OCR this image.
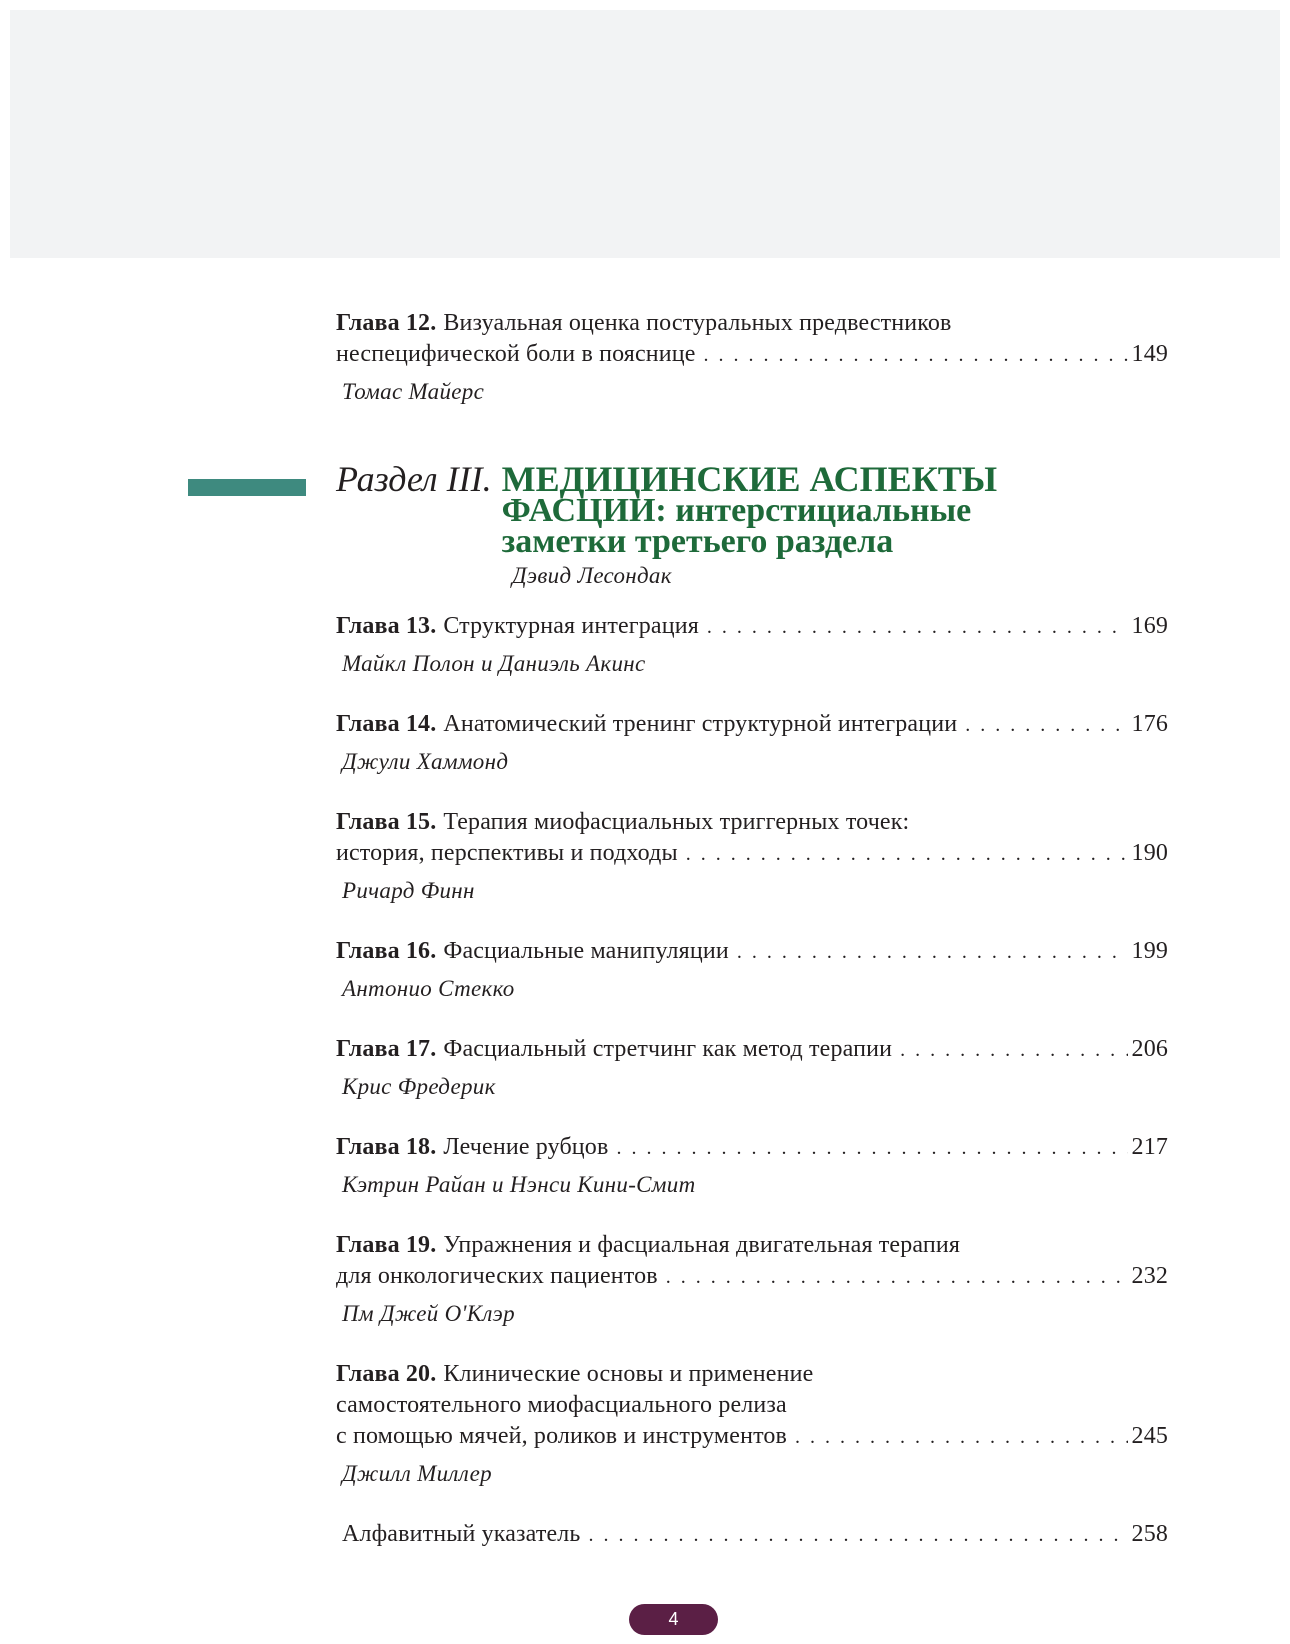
Глава 12. Визуальная оценка постуральных предвестников
неспецифической боли в пояснице . . .	149
Томас Майерс
Раздел III. МЕДИЦИНСКИЕ АСПЕКТЫ
ФАСЦИИ: интерстициальные
заметки третьего раздела
Дэвид Лесондак
Глава 13. Структурная интеграция . . .	169
Майкл Полон и Даниэль Акинс
Глава 14. Анатомический тренинг структурной интеграции . . .	176
Джули Хаммонд
Глава 15. Терапия миофасциальных триггерных точек:
история, перспективы и подходы . . .	190
Ричард Финн
Глава 16. Фасциальные манипуляции . . .	199
Антонио Стекко
Глава 17. Фасциальный стретчинг как метод терапии . . .	206
Крис Фредерик
Глава 18. Лечение рубцов . . .	217
Кэтрин Райан и Нэнси Кини-Смит
Глава 19. Упражнения и фасциальная двигательная терапия
для онкологических пациентов . . .	232
Пм Джей О'Клэр
Глава 20. Клинические основы и применение
самостоятельного миофасциального релиза
с помощью мячей, роликов и инструментов . . .	245
Джилл Миллер
Алфавитный указатель . . .	258
4
